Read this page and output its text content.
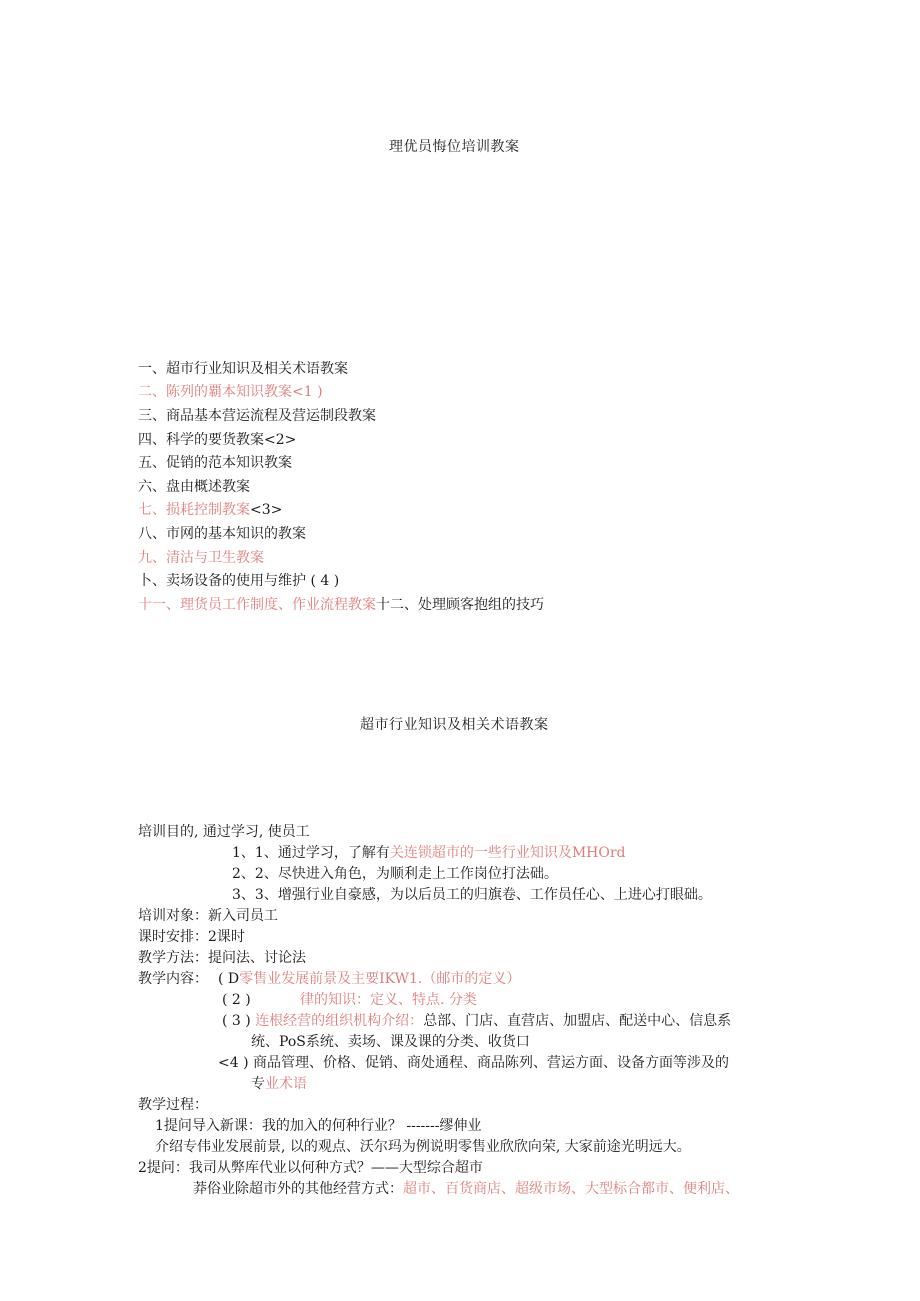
理优员悔位培训教案
一、超市行业知识及相关术语教案
二、陈列的覇本知识教案<1 )
三、商品基本营运流程及营运制段教案
四、科学的要货教案<2>
五、促销的范本知识教案
六、盘由概述教案
七、损耗控制教案<3>
八、市网的基本知识的教案
九、清沽与卫生教案
卜、卖场设备的使用与维护 ( 4 )
十一、理货员工作制度、作业流程教案十二、处理顾客抱组的技巧
超市行业知识及相关术语教案
培训目的, 通过学习, 使员工
1、1、通过学习，了解有关连锁超市的一些行业知识及MHOrd
2、2、尽快进入角色，为顺利走上工作岗位打法础。
3、3、增强行业自豪感，为以后员工的归旗卷、工作员任心、上进心打眼础。
培训对象：新入司员工
课时安排：2课时
教学方法：提问法、讨论法
教学内容： ( D零售业发展前景及主要IKW1.（邮市的定义）
( 2 )	律的知识：定义、特点. 分类
( 3 ) 连根经营的组织机构介绍：总部、门店、直营店、加盟店、配送中心、信息系
统、PoS系统、卖场、课及课的分类、收货口
<4 ) 商品管理、价格、促销、商处通程、商品陈列、营运方面、设备方面等涉及的
专业术语
教学过程：
1提问导入新课：我的加入的何种行业？ -------缪伸业
介绍专伟业发展前景, 以的观点、沃尔玛为例说明零售业欣欣向荣, 大家前途光明远大。
2提问：我司从弊库代业以何种方式？——大型综合超市
莽俗业除超市外的其他经营方式：超市、百货商店、超级市场、大型标合都市、便利店、
